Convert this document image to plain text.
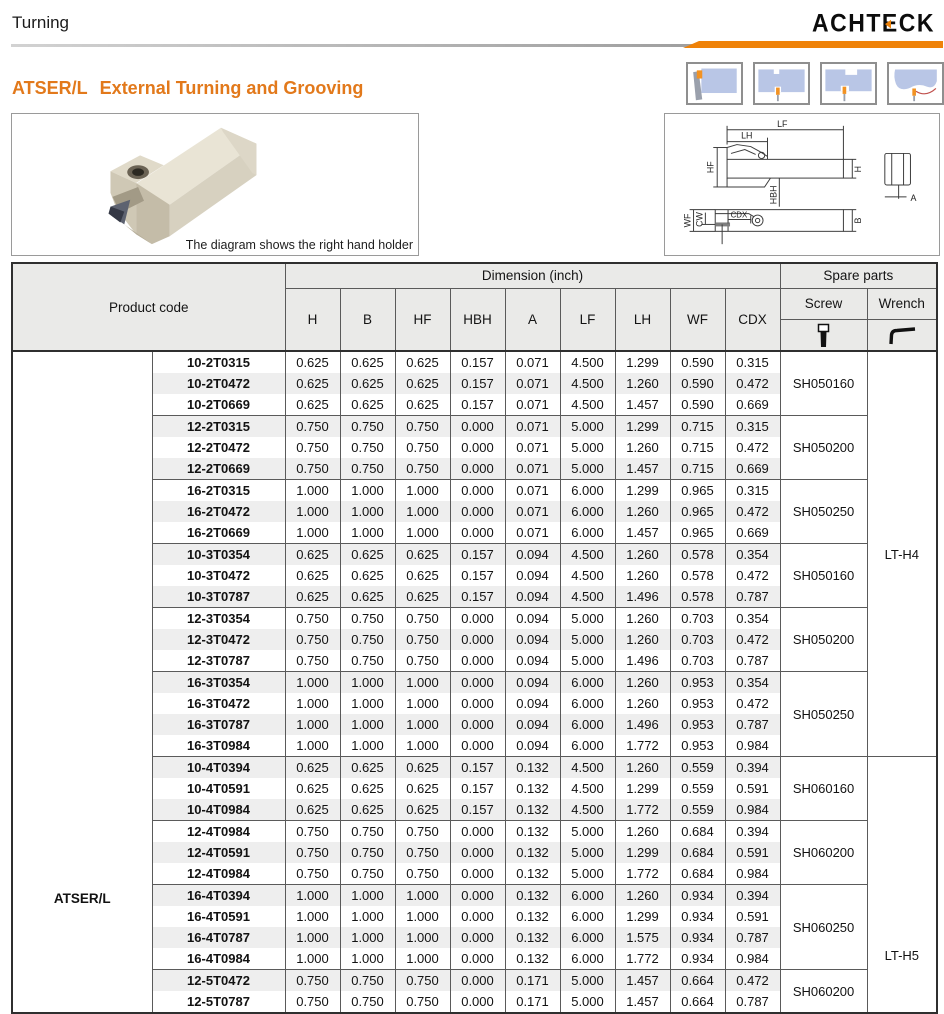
Turning	ACHTECK
ATSER/L External Turning and Grooving
The diagram shows the right hand holder
LF
LH
HF	H
HBH	A
WF CW	CDX
B
Product code		Dimension (inch)									Spare parts	
		H	B	HF	HBH	A	LF	LH	WF	CDX	Screw	Wrench

ATSER/L	10-2T0315	0.625	0.625	0.625	0.157	0.071	4.500	1.299	0.590	0.315	SH050160	LT-H4
	10-2T0472	0.625	0.625	0.625	0.157	0.071	4.500	1.260	0.590	0.472		
	10-2T0669	0.625	0.625	0.625	0.157	0.071	4.500	1.457	0.590	0.669		
	12-2T0315	0.750	0.750	0.750	0.000	0.071	5.000	1.299	0.715	0.315	SH050200	
	12-2T0472	0.750	0.750	0.750	0.000	0.071	5.000	1.260	0.715	0.472		
	12-2T0669	0.750	0.750	0.750	0.000	0.071	5.000	1.457	0.715	0.669		
	16-2T0315	1.000	1.000	1.000	0.000	0.071	6.000	1.299	0.965	0.315	SH050250	
	16-2T0472	1.000	1.000	1.000	0.000	0.071	6.000	1.260	0.965	0.472		
	16-2T0669	1.000	1.000	1.000	0.000	0.071	6.000	1.457	0.965	0.669		
	10-3T0354	0.625	0.625	0.625	0.157	0.094	4.500	1.260	0.578	0.354	SH050160	
	10-3T0472	0.625	0.625	0.625	0.157	0.094	4.500	1.260	0.578	0.472		
	10-3T0787	0.625	0.625	0.625	0.157	0.094	4.500	1.496	0.578	0.787		
	12-3T0354	0.750	0.750	0.750	0.000	0.094	5.000	1.260	0.703	0.354	SH050200	
	12-3T0472	0.750	0.750	0.750	0.000	0.094	5.000	1.260	0.703	0.472		
	12-3T0787	0.750	0.750	0.750	0.000	0.094	5.000	1.496	0.703	0.787		
	16-3T0354	1.000	1.000	1.000	0.000	0.094	6.000	1.260	0.953	0.354	SH050250	
	16-3T0472	1.000	1.000	1.000	0.000	0.094	6.000	1.260	0.953	0.472		
	16-3T0787	1.000	1.000	1.000	0.000	0.094	6.000	1.496	0.953	0.787		
	16-3T0984	1.000	1.000	1.000	0.000	0.094	6.000	1.772	0.953	0.984		
	10-4T0394	0.625	0.625	0.625	0.157	0.132	4.500	1.260	0.559	0.394	SH060160	LT-H5

	10-4T0591	0.625	0.625	0.625	0.157	0.132	4.500	1.299	0.559	0.591		
	10-4T0984	0.625	0.625	0.625	0.157	0.132	4.500	1.772	0.559	0.984		
	12-4T0984	0.750	0.750	0.750	0.000	0.132	5.000	1.260	0.684	0.394	SH060200	
	12-4T0591	0.750	0.750	0.750	0.000	0.132	5.000	1.299	0.684	0.591		
	12-4T0984	0.750	0.750	0.750	0.000	0.132	5.000	1.772	0.684	0.984		
	16-4T0394	1.000	1.000	1.000	0.000	0.132	6.000	1.260	0.934	0.394	SH060250	
	16-4T0591	1.000	1.000	1.000	0.000	0.132	6.000	1.299	0.934	0.591		
	16-4T0787	1.000	1.000	1.000	0.000	0.132	6.000	1.575	0.934	0.787		
	16-4T0984	1.000	1.000	1.000	0.000	0.132	6.000	1.772	0.934	0.984		
	12-5T0472	0.750	0.750	0.750	0.000	0.171	5.000	1.457	0.664	0.472	SH060200	
	12-5T0787	0.750	0.750	0.750	0.000	0.171	5.000	1.457	0.664	0.787		
